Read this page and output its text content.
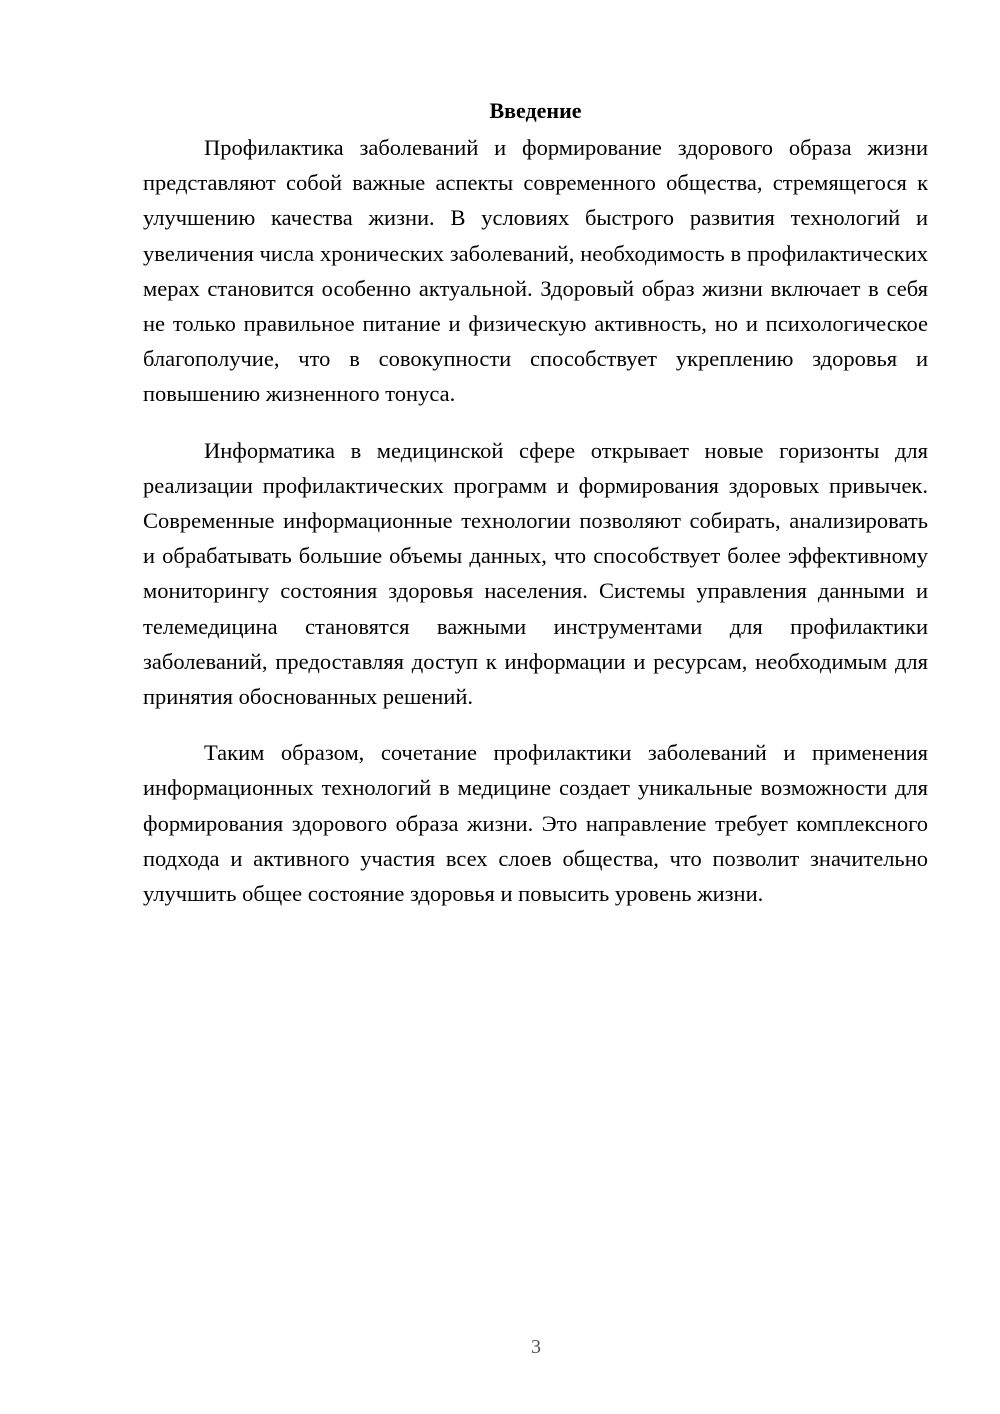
Введение

Профилактика заболеваний и формирование здорового образа жизни представляют собой важные аспекты современного общества, стремящегося к улучшению качества жизни. В условиях быстрого развития технологий и увеличения числа хронических заболеваний, необходимость в профилактических мерах становится особенно актуальной. Здоровый образ жизни включает в себя не только правильное питание и физическую активность, но и психологическое благополучие, что в совокупности способствует укреплению здоровья и повышению жизненного тонуса.

Информатика в медицинской сфере открывает новые горизонты для реализации профилактических программ и формирования здоровых привычек. Современные информационные технологии позволяют собирать, анализировать и обрабатывать большие объемы данных, что способствует более эффективному мониторингу состояния здоровья населения. Системы управления данными и телемедицина становятся важными инструментами для профилактики заболеваний, предоставляя доступ к информации и ресурсам, необходимым для принятия обоснованных решений.

Таким образом, сочетание профилактики заболеваний и применения информационных технологий в медицине создает уникальные возможности для формирования здорового образа жизни. Это направление требует комплексного подхода и активного участия всех слоев общества, что позволит значительно улучшить общее состояние здоровья и повысить уровень жизни.

3
